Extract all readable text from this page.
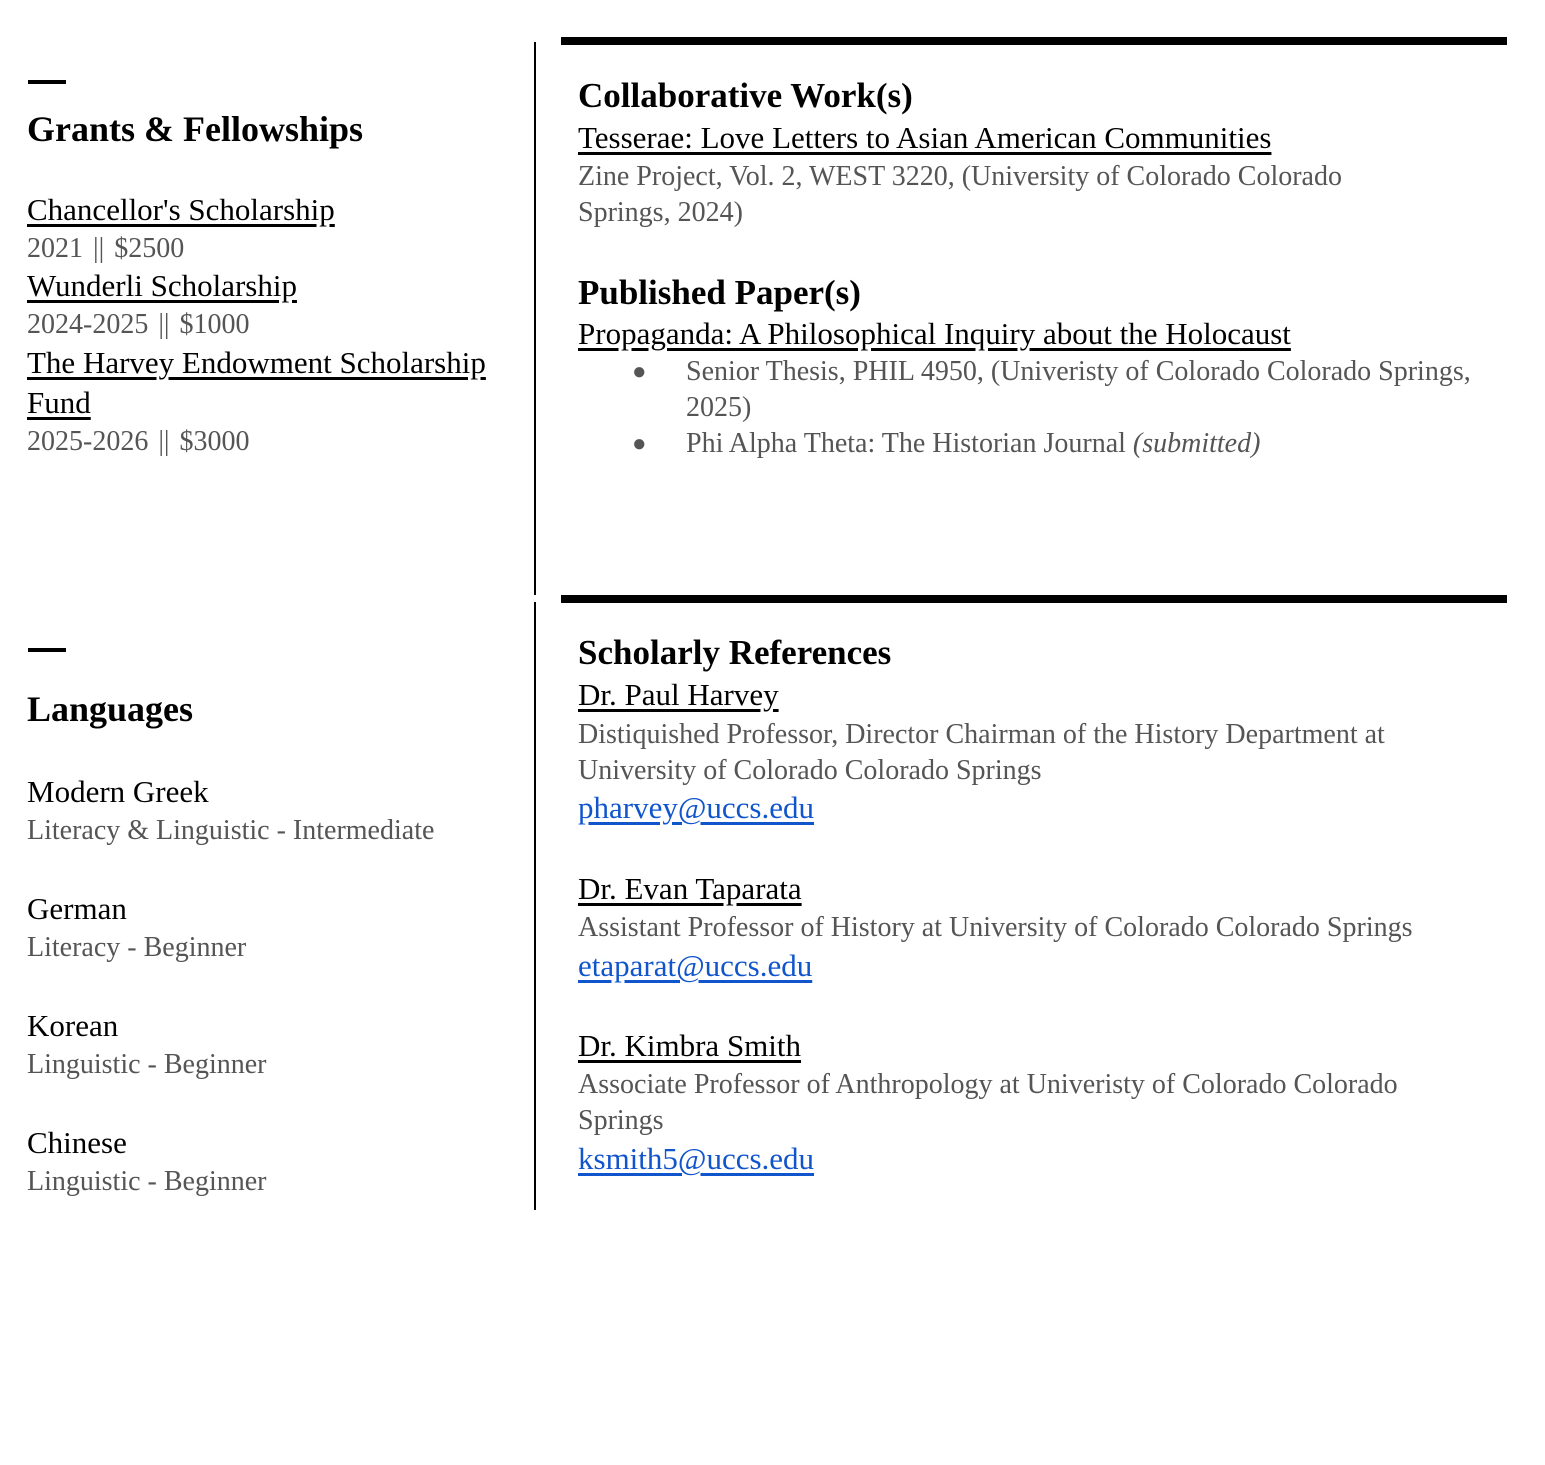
Grants & Fellowships
Chancellor's Scholarship
2021 || $2500
Wunderli Scholarship
2024-2025 || $1000
The Harvey Endowment Scholarship Fund
2025-2026 || $3000
Languages
Modern Greek
Literacy & Linguistic - Intermediate
German
Literacy - Beginner
Korean
Linguistic - Beginner
Chinese
Linguistic - Beginner
Collaborative Work(s)
Tesserae: Love Letters to Asian American Communities
Zine Project, Vol. 2, WEST 3220, (University of Colorado Colorado Springs, 2024)
Published Paper(s)
Propaganda: A Philosophical Inquiry about the Holocaust
● Senior Thesis, PHIL 4950, (Univeristy of Colorado Colorado Springs, 2025)
● Phi Alpha Theta: The Historian Journal (submitted)
Scholarly References
Dr. Paul Harvey
Distiquished Professor, Director Chairman of the History Department at University of Colorado Colorado Springs
pharvey@uccs.edu
Dr. Evan Taparata
Assistant Professor of History at University of Colorado Colorado Springs
etaparat@uccs.edu
Dr. Kimbra Smith
Associate Professor of Anthropology at Univeristy of Colorado Colorado Springs
ksmith5@uccs.edu
